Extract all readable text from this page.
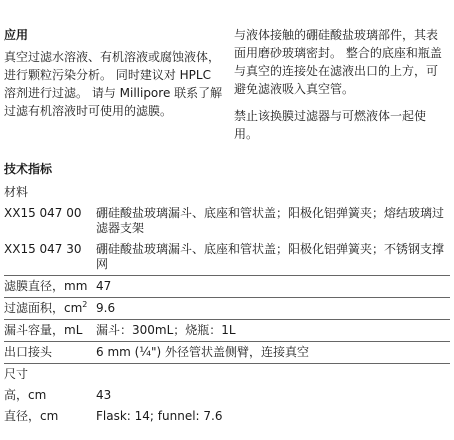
应用
真空过滤水溶液、有机溶液或腐蚀液体，进行颗粒污染分析。 同时建议对 HPLC 溶剂进行过滤。 请与 Millipore 联系了解过滤有机溶液时可使用的滤膜。
与液体接触的硼硅酸盐玻璃部件，其表面用磨砂玻璃密封。 整合的底座和瓶盖与真空的连接处在滤液出口的上方，可避免滤液吸入真空管。
禁止该换膜过滤器与可燃液体一起使用。
技术指标
材料
XX15 047 00	硼硅酸盐玻璃漏斗、底座和管状盖；阳极化铝弹簧夹；熔结玻璃过滤器支架
XX15 047 30	硼硅酸盐玻璃漏斗、底座和管状盖；阳极化铝弹簧夹；不锈钢支撑网
滤膜直径，mm 47
过滤面积，$cm^2$ 9.6
漏斗容量，mL	漏斗：300mL；烧瓶：1L
出口接头	6 mm (¼") 外径管状盖侧臂，连接真空
尺寸
高，cm	43
直径，cm	Flask: 14; funnel: 7.6
